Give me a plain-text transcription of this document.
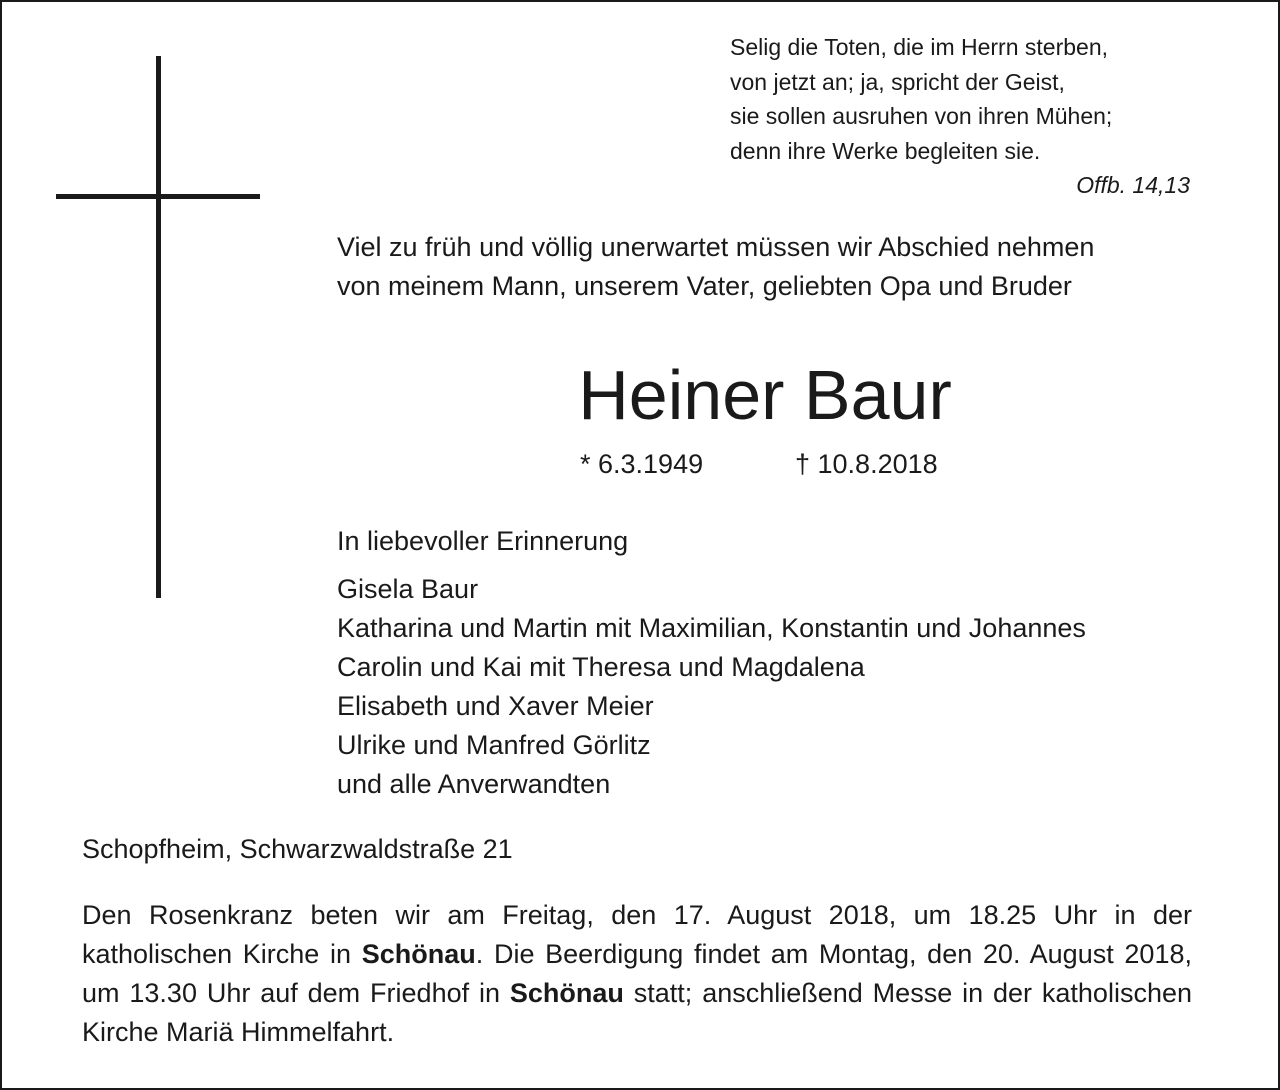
Selig die Toten, die im Herrn sterben,
von jetzt an; ja, spricht der Geist,
sie sollen ausruhen von ihren Mühen;
denn ihre Werke begleiten sie.
Offb. 14,13
Viel zu früh und völlig unerwartet müssen wir Abschied nehmen
von meinem Mann, unserem Vater, geliebten Opa und Bruder
Heiner Baur
* 6.3.1949	† 10.8.2018
In liebevoller Erinnerung
Gisela Baur
Katharina und Martin mit Maximilian, Konstantin und Johannes
Carolin und Kai mit Theresa und Magdalena
Elisabeth und Xaver Meier
Ulrike und Manfred Görlitz
und alle Anverwandten
Schopfheim, Schwarzwaldstraße 21

Den Rosenkranz beten wir am Freitag, den 17. August 2018, um 18.25 Uhr in der katholischen Kirche in Schönau. Die Beerdigung findet am Montag, den 20. August 2018, um 13.30 Uhr auf dem Friedhof in Schönau statt; anschließend Messe in der katholischen Kirche Mariä Himmelfahrt.
